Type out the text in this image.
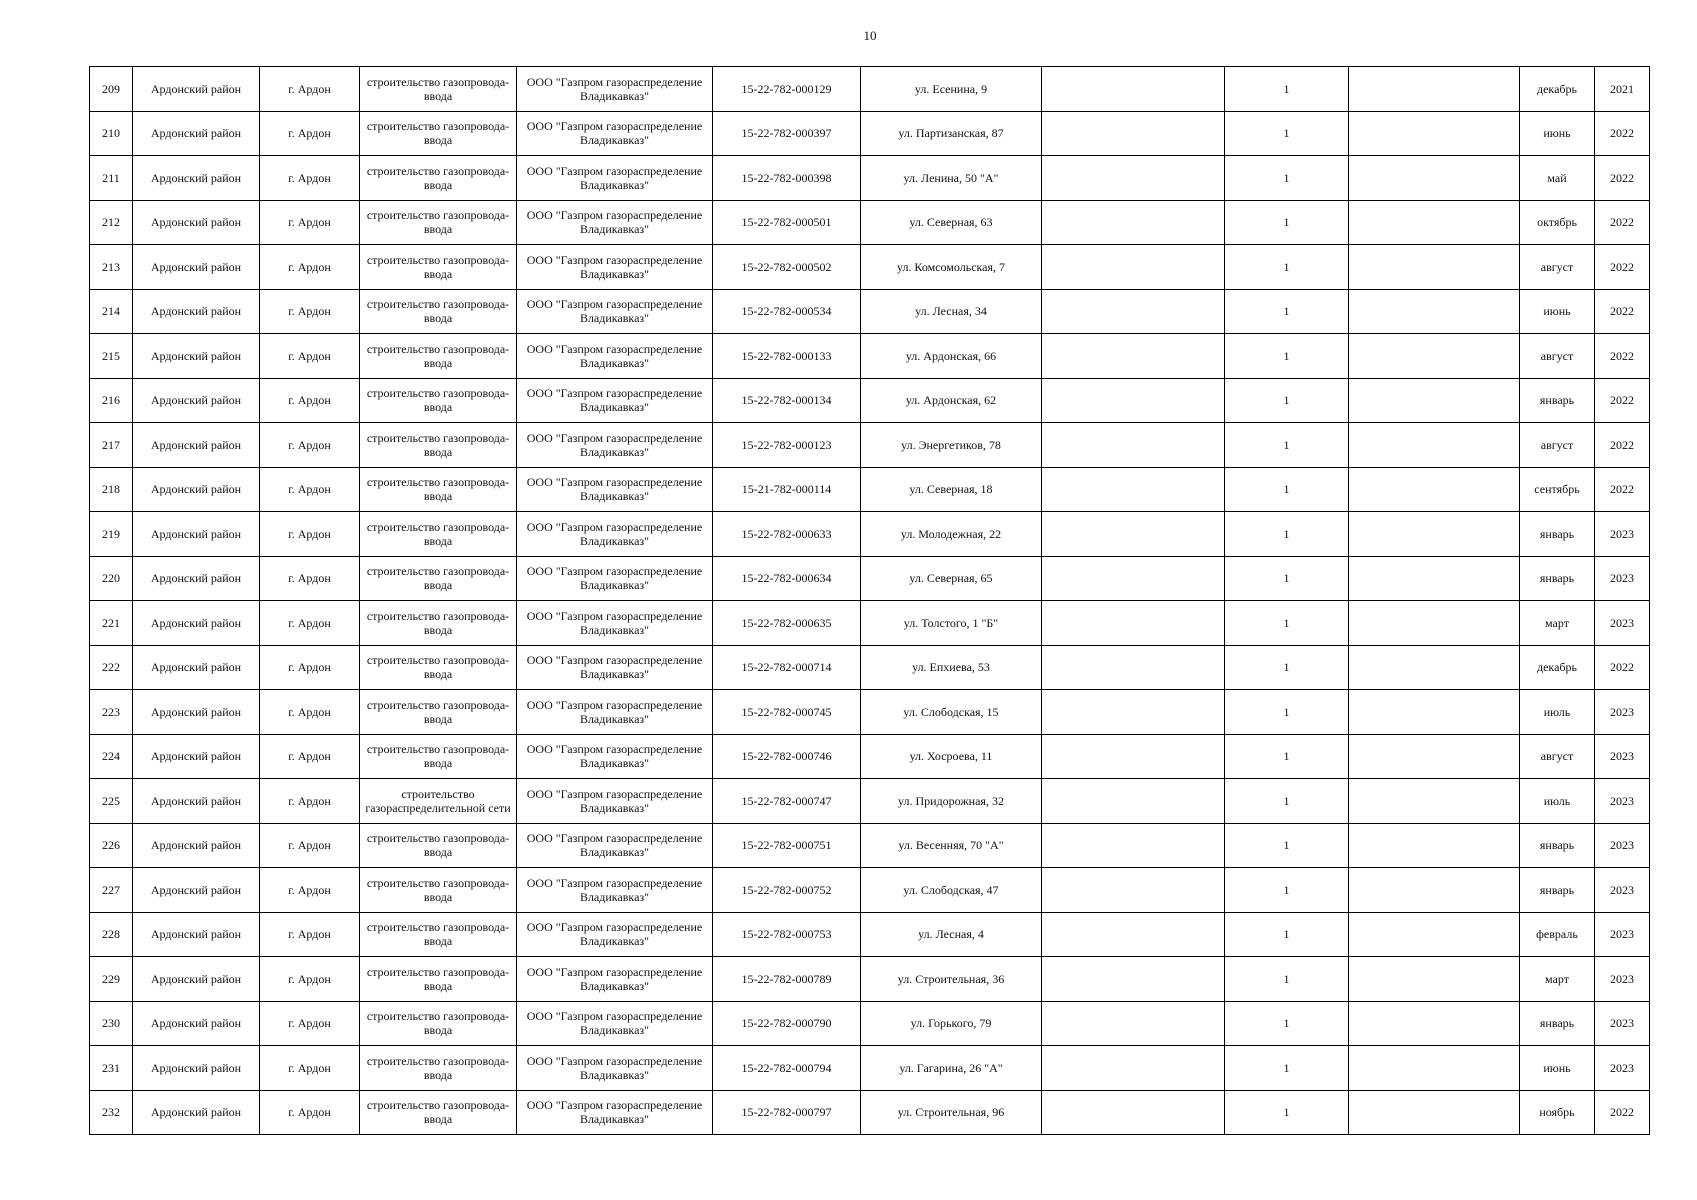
10
209	Ардонский район	г. Ардон	строительство газопровода-ввода	ООО "Газпром газораспределение Владикавказ"	15-22-782-000129	ул. Есенина, 9		1		декабрь	2021
210	Ардонский район	г. Ардон	строительство газопровода-ввода	ООО "Газпром газораспределение Владикавказ"	15-22-782-000397	ул. Партизанская, 87		1		июнь	2022
211	Ардонский район	г. Ардон	строительство газопровода-ввода	ООО "Газпром газораспределение Владикавказ"	15-22-782-000398	ул. Ленина, 50 "А"		1		май	2022
212	Ардонский район	г. Ардон	строительство газопровода-ввода	ООО "Газпром газораспределение Владикавказ"	15-22-782-000501	ул. Северная, 63		1		октябрь	2022
213	Ардонский район	г. Ардон	строительство газопровода-ввода	ООО "Газпром газораспределение Владикавказ"	15-22-782-000502	ул. Комсомольская, 7		1		август	2022
214	Ардонский район	г. Ардон	строительство газопровода-ввода	ООО "Газпром газораспределение Владикавказ"	15-22-782-000534	ул. Лесная, 34		1		июнь	2022
215	Ардонский район	г. Ардон	строительство газопровода-ввода	ООО "Газпром газораспределение Владикавказ"	15-22-782-000133	ул. Ардонская, 66		1		август	2022
216	Ардонский район	г. Ардон	строительство газопровода-ввода	ООО "Газпром газораспределение Владикавказ"	15-22-782-000134	ул. Ардонская, 62		1		январь	2022
217	Ардонский район	г. Ардон	строительство газопровода-ввода	ООО "Газпром газораспределение Владикавказ"	15-22-782-000123	ул. Энергетиков, 78		1		август	2022
218	Ардонский район	г. Ардон	строительство газопровода-ввода	ООО "Газпром газораспределение Владикавказ"	15-21-782-000114	ул. Северная, 18		1		сентябрь	2022
219	Ардонский район	г. Ардон	строительство газопровода-ввода	ООО "Газпром газораспределение Владикавказ"	15-22-782-000633	ул. Молодежная, 22		1		январь	2023
220	Ардонский район	г. Ардон	строительство газопровода-ввода	ООО "Газпром газораспределение Владикавказ"	15-22-782-000634	ул. Северная, 65		1		январь	2023
221	Ардонский район	г. Ардон	строительство газопровода-ввода	ООО "Газпром газораспределение Владикавказ"	15-22-782-000635	ул. Толстого, 1 "Б"		1		март	2023
222	Ардонский район	г. Ардон	строительство газопровода-ввода	ООО "Газпром газораспределение Владикавказ"	15-22-782-000714	ул. Епхиева, 53		1		декабрь	2022
223	Ардонский район	г. Ардон	строительство газопровода-ввода	ООО "Газпром газораспределение Владикавказ"	15-22-782-000745	ул. Слободская, 15		1		июль	2023
224	Ардонский район	г. Ардон	строительство газопровода-ввода	ООО "Газпром газораспределение Владикавказ"	15-22-782-000746	ул. Хосроева, 11		1		август	2023
225	Ардонский район	г. Ардон	строительство газораспределительной сети	ООО "Газпром газораспределение Владикавказ"	15-22-782-000747	ул. Придорожная, 32		1		июль	2023
226	Ардонский район	г. Ардон	строительство газопровода-ввода	ООО "Газпром газораспределение Владикавказ"	15-22-782-000751	ул. Весенняя, 70 "А"		1		январь	2023
227	Ардонский район	г. Ардон	строительство газопровода-ввода	ООО "Газпром газораспределение Владикавказ"	15-22-782-000752	ул. Слободская, 47		1		январь	2023
228	Ардонский район	г. Ардон	строительство газопровода-ввода	ООО "Газпром газораспределение Владикавказ"	15-22-782-000753	ул. Лесная, 4		1		февраль	2023
229	Ардонский район	г. Ардон	строительство газопровода-ввода	ООО "Газпром газораспределение Владикавказ"	15-22-782-000789	ул. Строительная, 36		1		март	2023
230	Ардонский район	г. Ардон	строительство газопровода-ввода	ООО "Газпром газораспределение Владикавказ"	15-22-782-000790	ул. Горького, 79		1		январь	2023
231	Ардонский район	г. Ардон	строительство газопровода-ввода	ООО "Газпром газораспределение Владикавказ"	15-22-782-000794	ул. Гагарина, 26 "А"		1		июнь	2023
232	Ардонский район	г. Ардон	строительство газопровода-ввода	ООО "Газпром газораспределение Владикавказ"	15-22-782-000797	ул. Строительная, 96		1		ноябрь	2022
